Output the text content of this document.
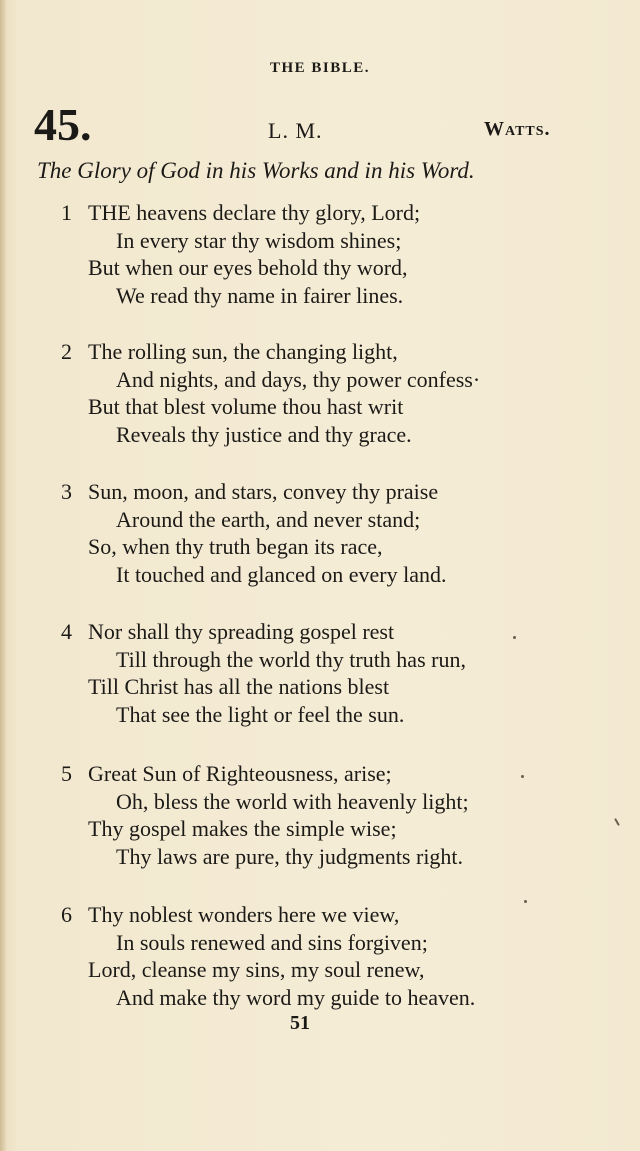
THE BIBLE.
45.	L. M.	Watts.
The Glory of God in his Works and in his Word.
1 THE heavens declare thy glory, Lord;
In every star thy wisdom shines;
But when our eyes behold thy word,
We read thy name in fairer lines.
2 The rolling sun, the changing light,
And nights, and days, thy power confess·
But that blest volume thou hast writ
Reveals thy justice and thy grace.
3 Sun, moon, and stars, convey thy praise
Around the earth, and never stand;
So, when thy truth began its race,
It touched and glanced on every land.
4 Nor shall thy spreading gospel rest
Till through the world thy truth has run,
Till Christ has all the nations blest
That see the light or feel the sun.
5 Great Sun of Righteousness, arise;
Oh, bless the world with heavenly light;
Thy gospel makes the simple wise;
Thy laws are pure, thy judgments right.
6 Thy noblest wonders here we view,
In souls renewed and sins forgiven;
Lord, cleanse my sins, my soul renew,
And make thy word my guide to heaven.
51
